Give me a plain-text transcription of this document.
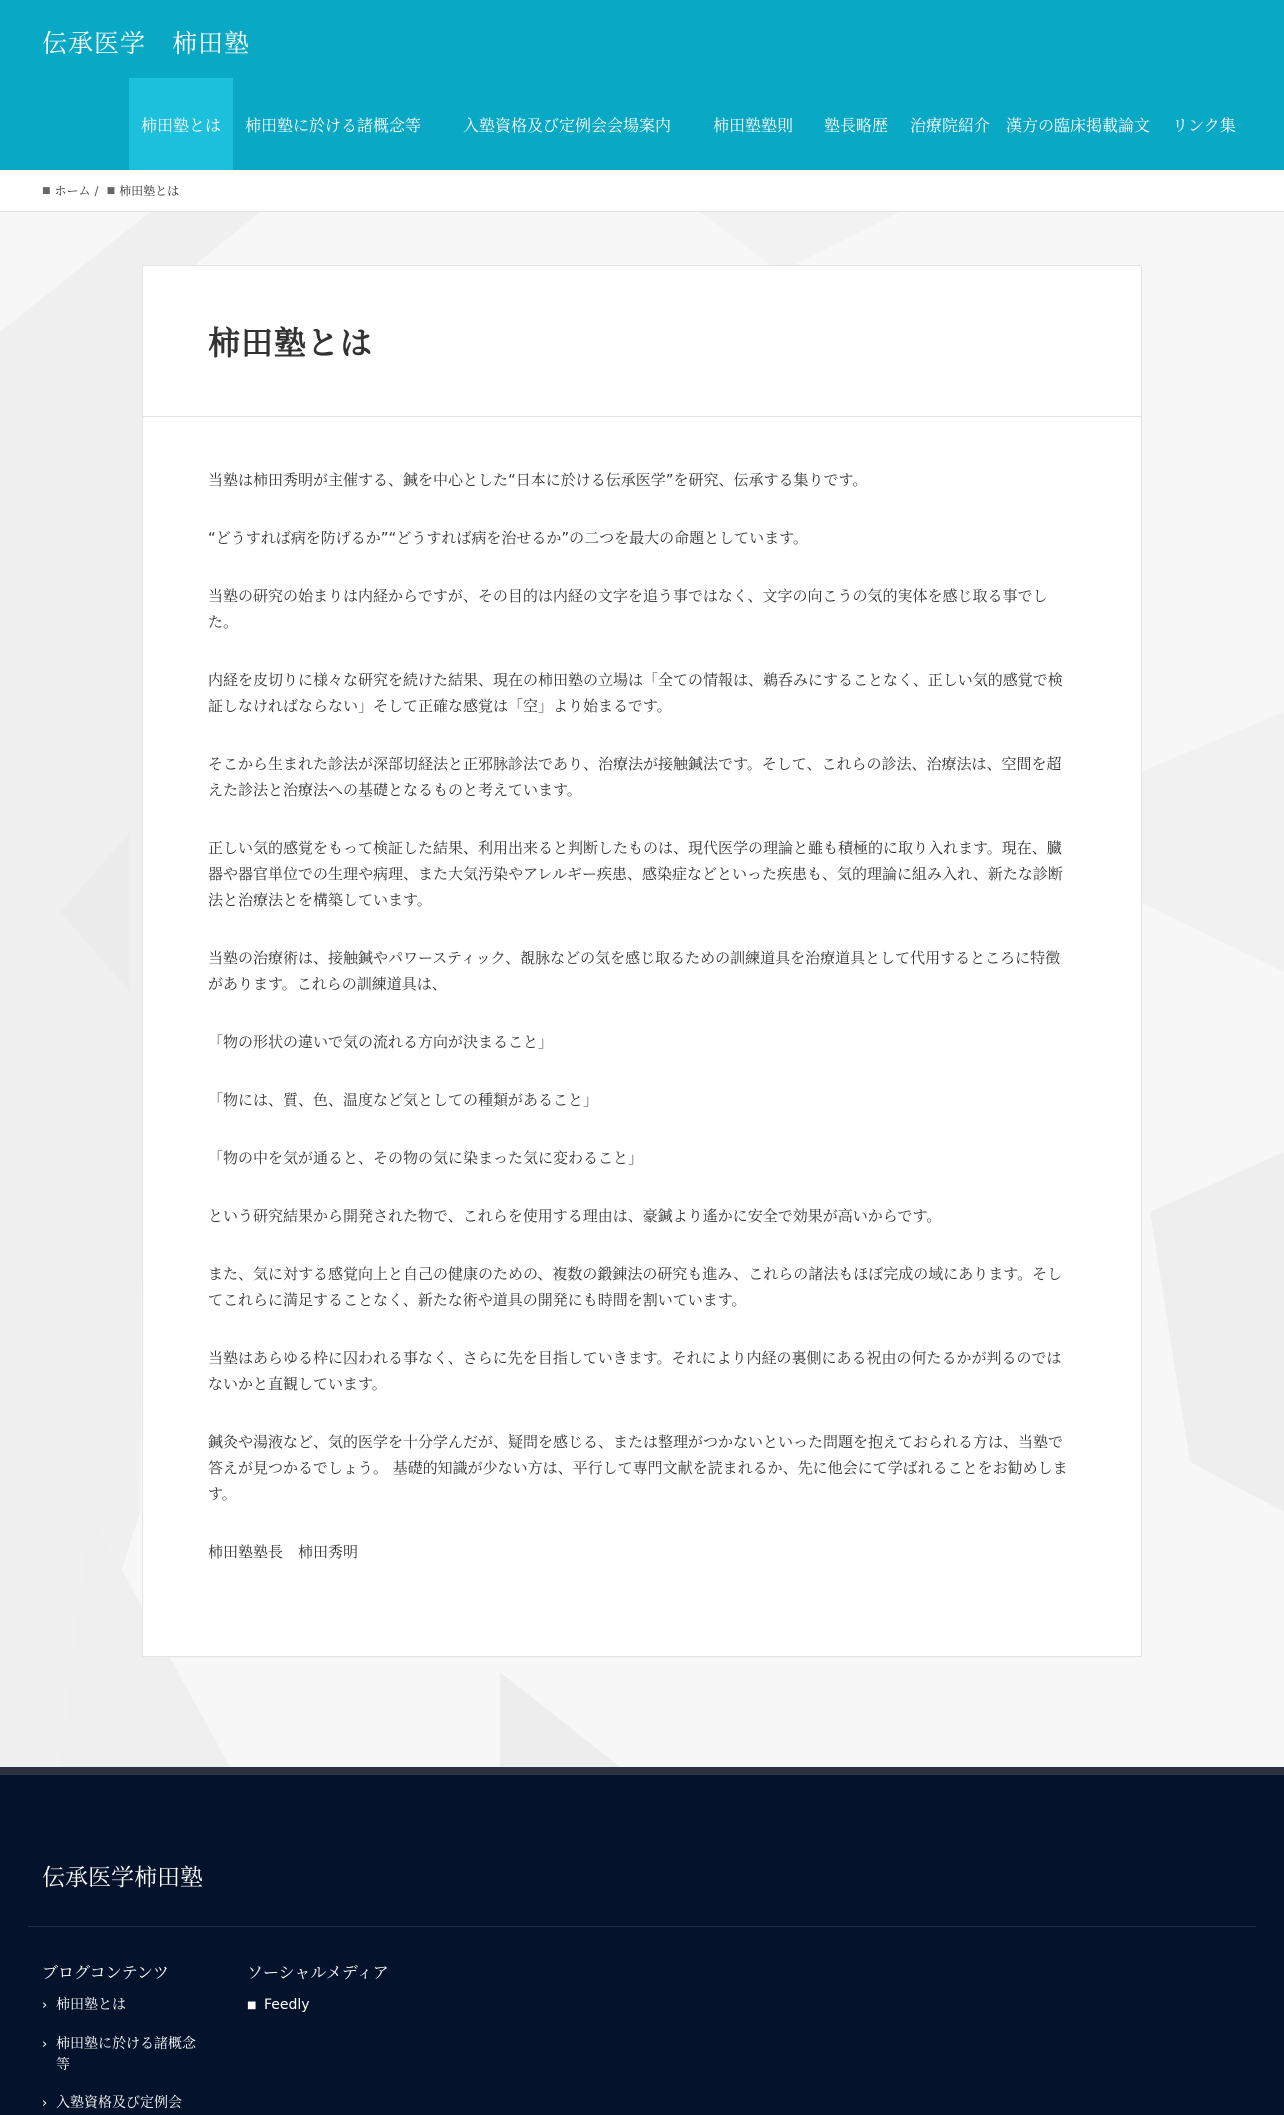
伝承医学　柿田塾
柿田塾とは 柿田塾に於ける諸概念等	入塾資格及び定例会会場案内	柿田塾塾則 塾長略歴 治療院紹介 漢方の臨床掲載論文 リンク集
■ ホーム / ■ 柿田塾とは
柿田塾とは

当塾は柿田秀明が主催する、鍼を中心とした“日本に於ける伝承医学”を研究、伝承する集りです。

“どうすれば病を防げるか”“どうすれば病を治せるか”の二つを最大の命題としています。

当塾の研究の始まりは内経からですが、その目的は内経の文字を追う事ではなく、文字の向こうの気的実体を感じ取る事でした。

内経を皮切りに様々な研究を続けた結果、現在の柿田塾の立場は「全ての情報は、鵜呑みにすることなく、正しい気的感覚で検証しなければならない」そして正確な感覚は「空」より始まるです。

そこから生まれた診法が深部切経法と正邪脉診法であり、治療法が接触鍼法です。そして、これらの診法、治療法は、空間を超えた診法と治療法への基礎となるものと考えています。

正しい気的感覚をもって検証した結果、利用出来ると判断したものは、現代医学の理論と雖も積極的に取り入れます。現在、臓器や器官単位での生理や病理、また大気汚染やアレルギー疾患、感染症などといった疾患も、気的理論に組み入れ、新たな診断法と治療法とを構築しています。

当塾の治療術は、接触鍼やパワースティック、覩脉などの気を感じ取るための訓練道具を治療道具として代用するところに特徴があります。これらの訓練道具は、

「物の形状の違いで気の流れる方向が決まること」

「物には、質、色、温度など気としての種類があること」

「物の中を気が通ると、その物の気に染まった気に変わること」

という研究結果から開発された物で、これらを使用する理由は、豪鍼より遙かに安全で効果が高いからです。

また、気に対する感覚向上と自己の健康のための、複数の鍛錬法の研究も進み、これらの諸法もほぼ完成の域にあります。そしてこれらに満足することなく、新たな術や道具の開発にも時間を割いています。

当塾はあらゆる枠に囚われる事なく、さらに先を目指していきます。それにより内経の裏側にある祝由の何たるかが判るのではないかと直観しています。

鍼灸や湯液など、気的医学を十分学んだが、疑問を感じる、または整理がつかないといった問題を抱えておられる方は、当塾で答えが見つかるでしょう。 基礎的知識が少ない方は、平行して専門文献を読まれるか、先に他会にて学ばれることをお勧めします。

柿田塾塾長　柿田秀明

伝承医学柿田塾
ブログコンテンツ
› 柿田塾とは
› 柿田塾に於ける諸概念等
› 入塾資格及び定例会
ソーシャルメディア
■ Feedly
